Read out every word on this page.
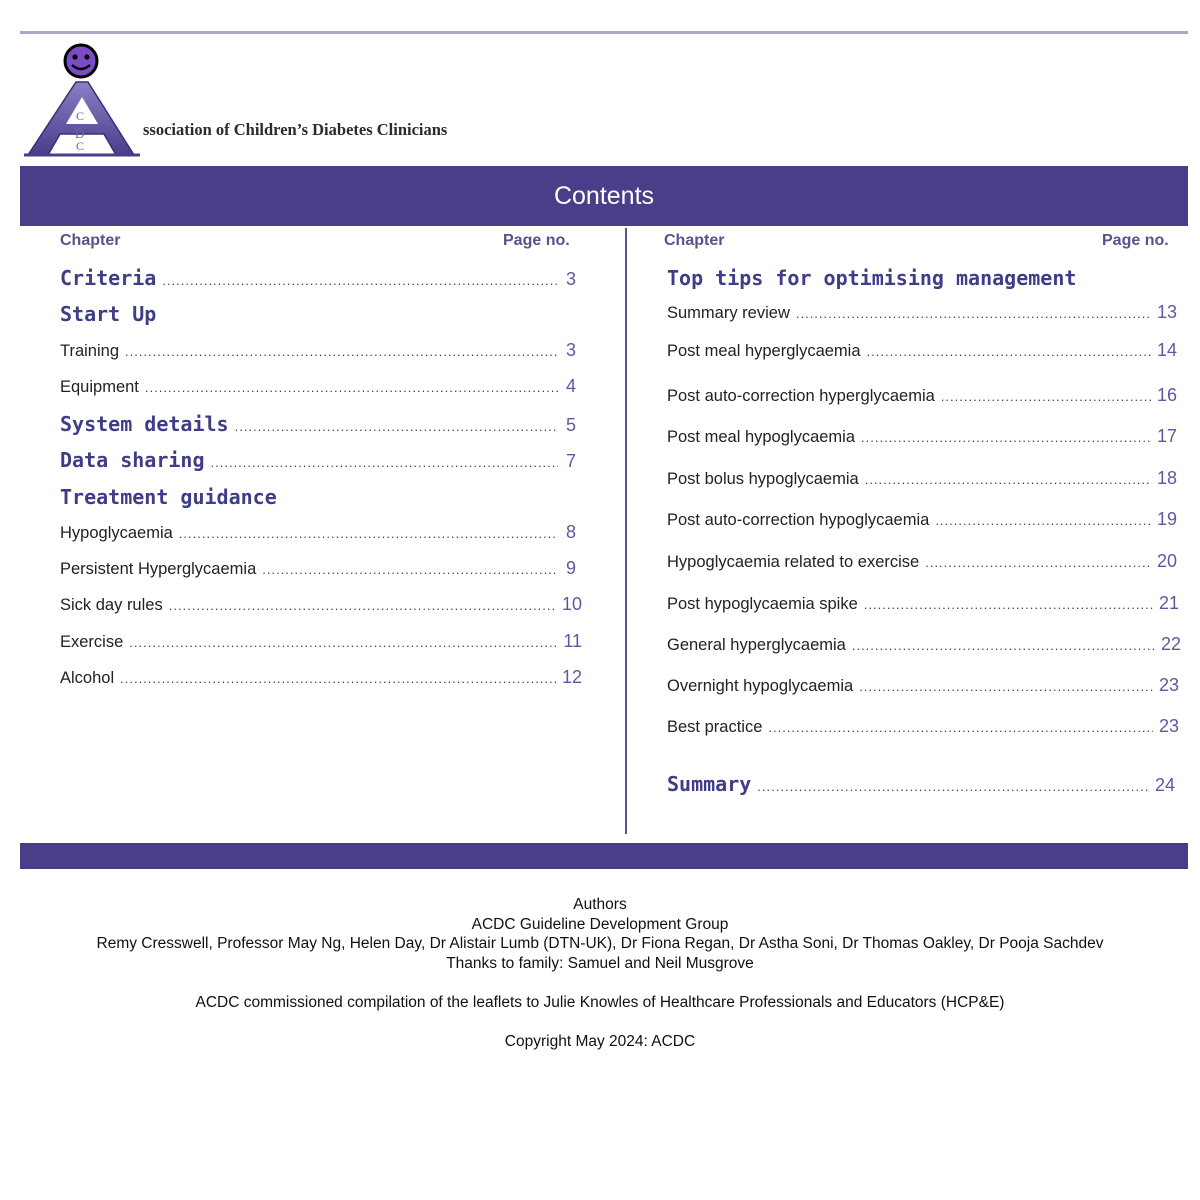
C
D
C
ssociation of Children’s Diabetes Clinicians
Contents
Chapter	Page no.	Chapter	Page no.
Criteria .....	3
Start Up
Training .....	3
Equipment .....	4
System details .....	5
Data sharing .....	7
Treatment guidance
Hypoglycaemia .....	8
Persistent Hyperglycaemia .....	9
Sick day rules .....	10
Exercise .....	11
Alcohol .....	12
Top tips for optimising management
Summary review .....	13
Post meal hyperglycaemia .....	14
Post auto-correction hyperglycaemia .....	16
Post meal hypoglycaemia .....	17
Post bolus hypoglycaemia .....	18
Post auto-correction hypoglycaemia .....	19
Hypoglycaemia related to exercise .....	20
Post hypoglycaemia spike .....	21
General hyperglycaemia .....	22
Overnight hypoglycaemia .....	23
Best practice .....	23
Summary .....	24
Authors
ACDC Guideline Development Group
Remy Cresswell, Professor May Ng, Helen Day, Dr Alistair Lumb (DTN-UK), Dr Fiona Regan, Dr Astha Soni, Dr Thomas Oakley, Dr Pooja Sachdev
Thanks to family: Samuel and Neil Musgrove
ACDC commissioned compilation of the leaflets to Julie Knowles of Healthcare Professionals and Educators (HCP&E)
Copyright May 2024: ACDC
